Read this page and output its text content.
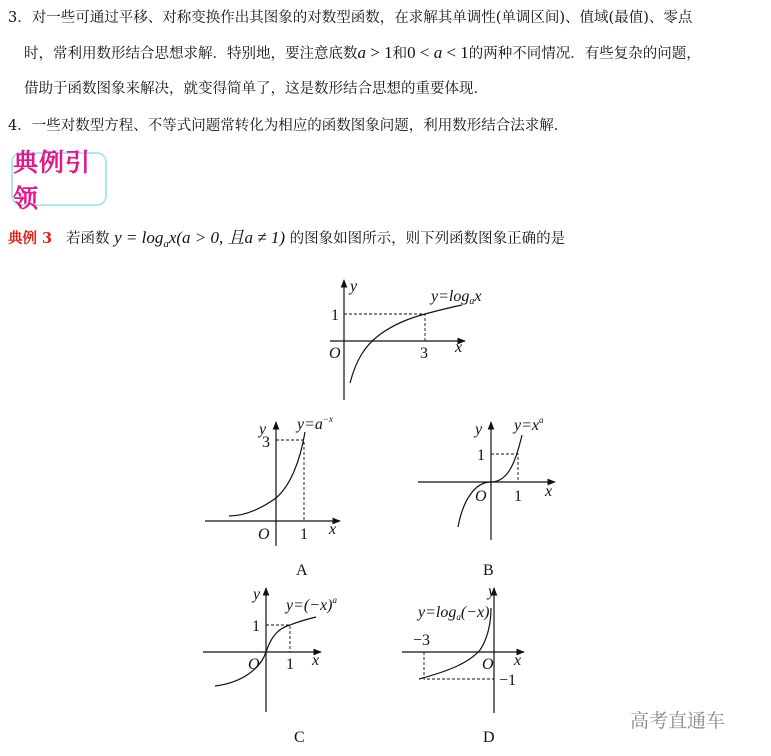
3．对一些可通过平移、对称变换作出其图象的对数型函数，在求解其单调性(单调区间)、值域(最值)、零点
时，常利用数形结合思想求解．特别地，要注意底数a > 1和0 < a < 1的两种不同情况．有些复杂的问题，
借助于函数图象来解决，就变得简单了，这是数形结合思想的重要体现．
4．一些对数型方程、不等式问题常转化为相应的函数图象问题，利用数形结合法求解．
典例引领
典例 3 若函数 $y = \log_ax(a > 0$, 且a ≠ 1) 的图象如图所示，则下列函数图象正确的是
y
x
1
O	3
y=logax
y
3
O 1 x
$y=a^{-x}$
A
y
1
O 1 x
$y=x^a$
B
y
1
O 1 x
$y=(-x)^a$
C
y
−3
O x
−1
y=loga(−x)
D
高考直通车
